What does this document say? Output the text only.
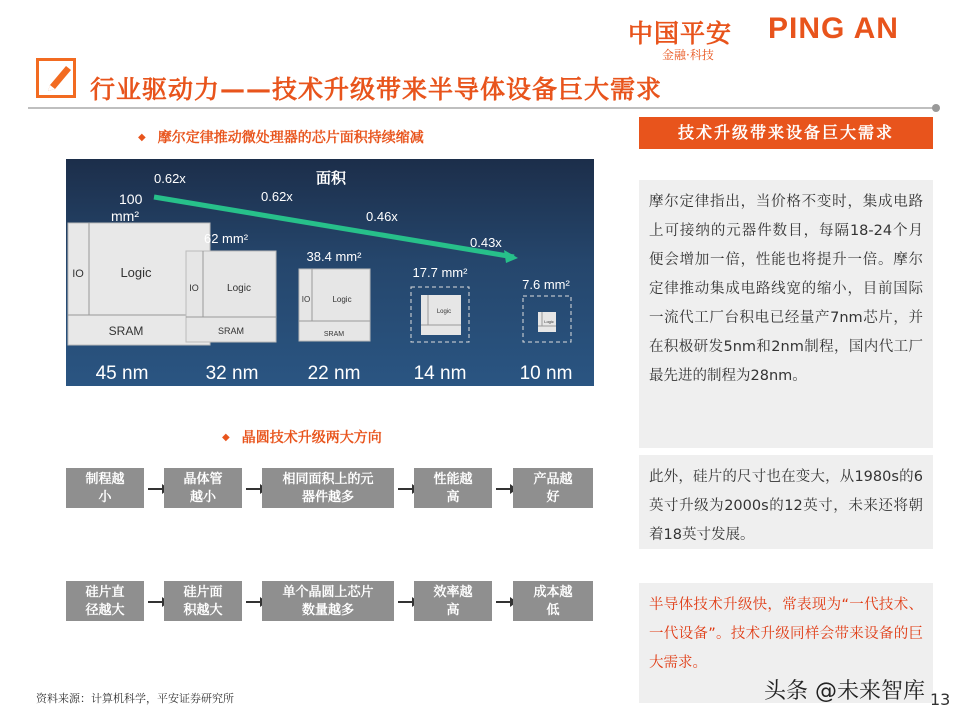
中国平安 PING AN
金融·科技
行业驱动力——技术升级带来半导体设备巨大需求
◆ 摩尔定律推动微处理器的芯片面积持续缩减
面积
45 nm	32 nm	22 nm	14 nm	10 nm
100
mm²
62 mm²
38.4 mm²
17.7 mm²
7.6 mm²
0.62x
0.62x
0.46x
0.43x
IO	Logic
SRAM
IO	Logic
SRAM
IO	Logic
SRAM
Logic
Logic
◆ 晶圆技术升级两大方向
制程越
小
晶体管
越小
相同面积上的元
器件越多
性能越
高
产品越
好
硅片直
径越大
硅片面
积越大
单个晶圆上芯片
数量越多
效率越
高
成本越
低
技术升级带来设备巨大需求
摩尔定律指出，当价格不变时，集成电路上可接纳的元器件数目，每隔18-24个月便会增加一倍，性能也将提升一倍。摩尔定律推动集成电路线宽的缩小，目前国际一流代工厂台积电已经量产7nm芯片，并在积极研发5nm和2nm制程，国内代工厂最先进的制程为28nm。
此外，硅片的尺寸也在变大，从1980s的6英寸升级为2000s的12英寸，未来还将朝着18英寸发展。
半导体技术升级快，常表现为“一代技术、一代设备”。技术升级同样会带来设备的巨大需求。
资料来源：计算机科学，平安证券研究所	头条 @未来智库 13
